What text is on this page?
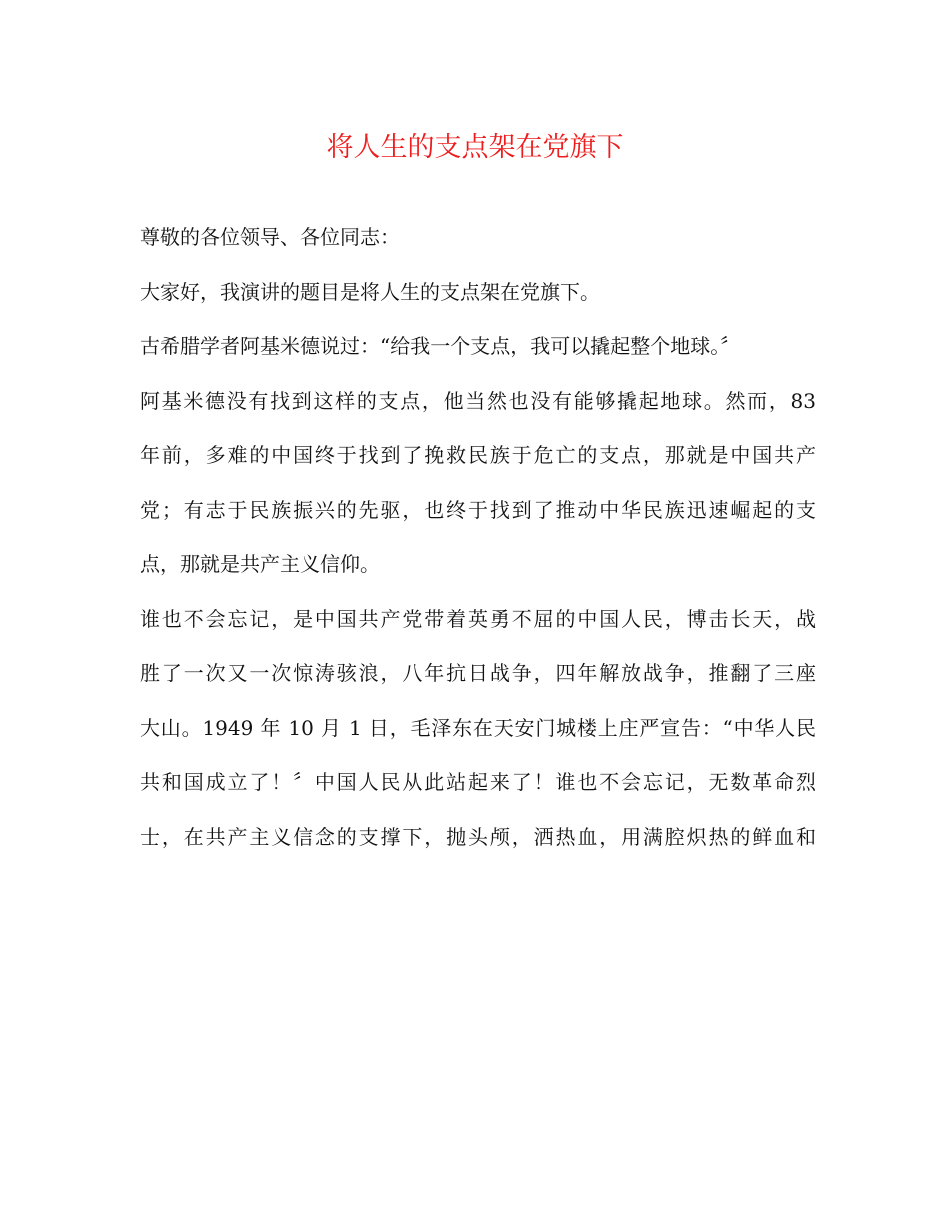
将人生的支点架在党旗下
尊敬的各位领导、各位同志：
大家好，我演讲的题目是将人生的支点架在党旗下。
古希腊学者阿基米德说过：“给我一个支点，我可以撬起整个地球。〞
阿基米德没有找到这样的支点，他当然也没有能够撬起地球。然而，83
年前，多难的中国终于找到了挽救民族于危亡的支点，那就是中国共产
党；有志于民族振兴的先驱，也终于找到了推动中华民族迅速崛起的支
点，那就是共产主义信仰。
谁也不会忘记，是中国共产党带着英勇不屈的中国人民，博击长天，战
胜了一次又一次惊涛骇浪，八年抗日战争，四年解放战争，推翻了三座
大山。1949 年 10 月 1 日，毛泽东在天安门城楼上庄严宣告：“中华人民
共和国成立了！〞中国人民从此站起来了！谁也不会忘记，无数革命烈
士，在共产主义信念的支撑下，抛头颅，洒热血，用满腔炽热的鲜血和
